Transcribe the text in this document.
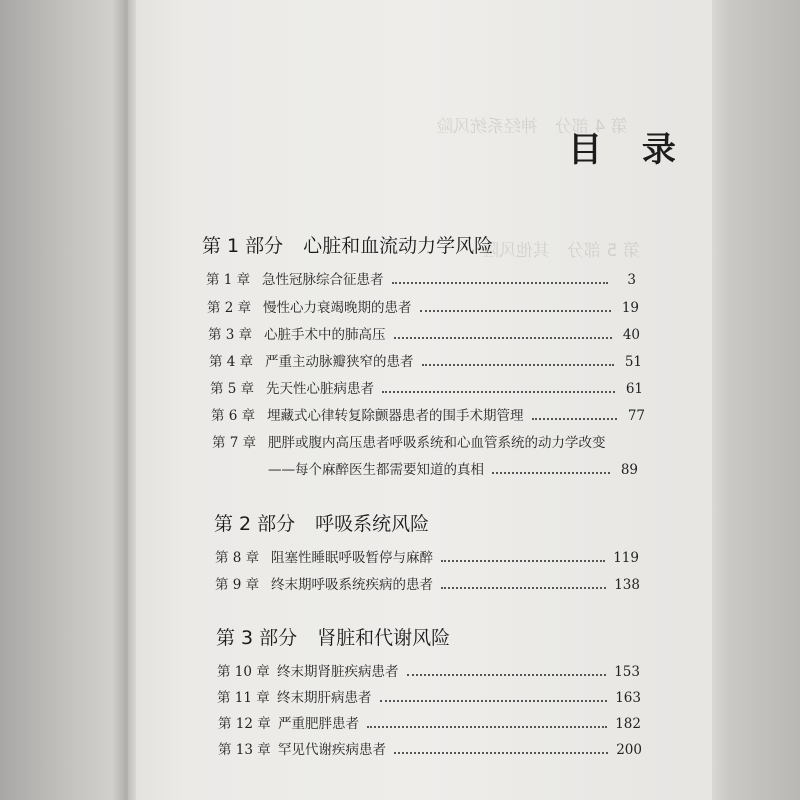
第 4 部分　神经系统风险
第 5 部分　其他风险
目 录
第 1 部分 心脏和血流动力学风险
第 1 章 急性冠脉综合征患者	3
第 2 章 慢性心力衰竭晚期的患者	19
第 3 章 心脏手术中的肺高压	40
第 4 章 严重主动脉瓣狭窄的患者	51
第 5 章 先天性心脏病患者	61
第 6 章 埋藏式心律转复除颤器患者的围手术期管理	77
第 7 章 肥胖或腹内高压患者呼吸系统和心血管系统的动力学改变
——每个麻醉医生都需要知道的真相	89
第 2 部分 呼吸系统风险
第 8 章 阻塞性睡眠呼吸暂停与麻醉	119
第 9 章 终末期呼吸系统疾病的患者	138
第 3 部分 肾脏和代谢风险
第 10 章 终末期肾脏疾病患者	153
第 11 章 终末期肝病患者	163
第 12 章 严重肥胖患者	182
第 13 章 罕见代谢疾病患者	200
